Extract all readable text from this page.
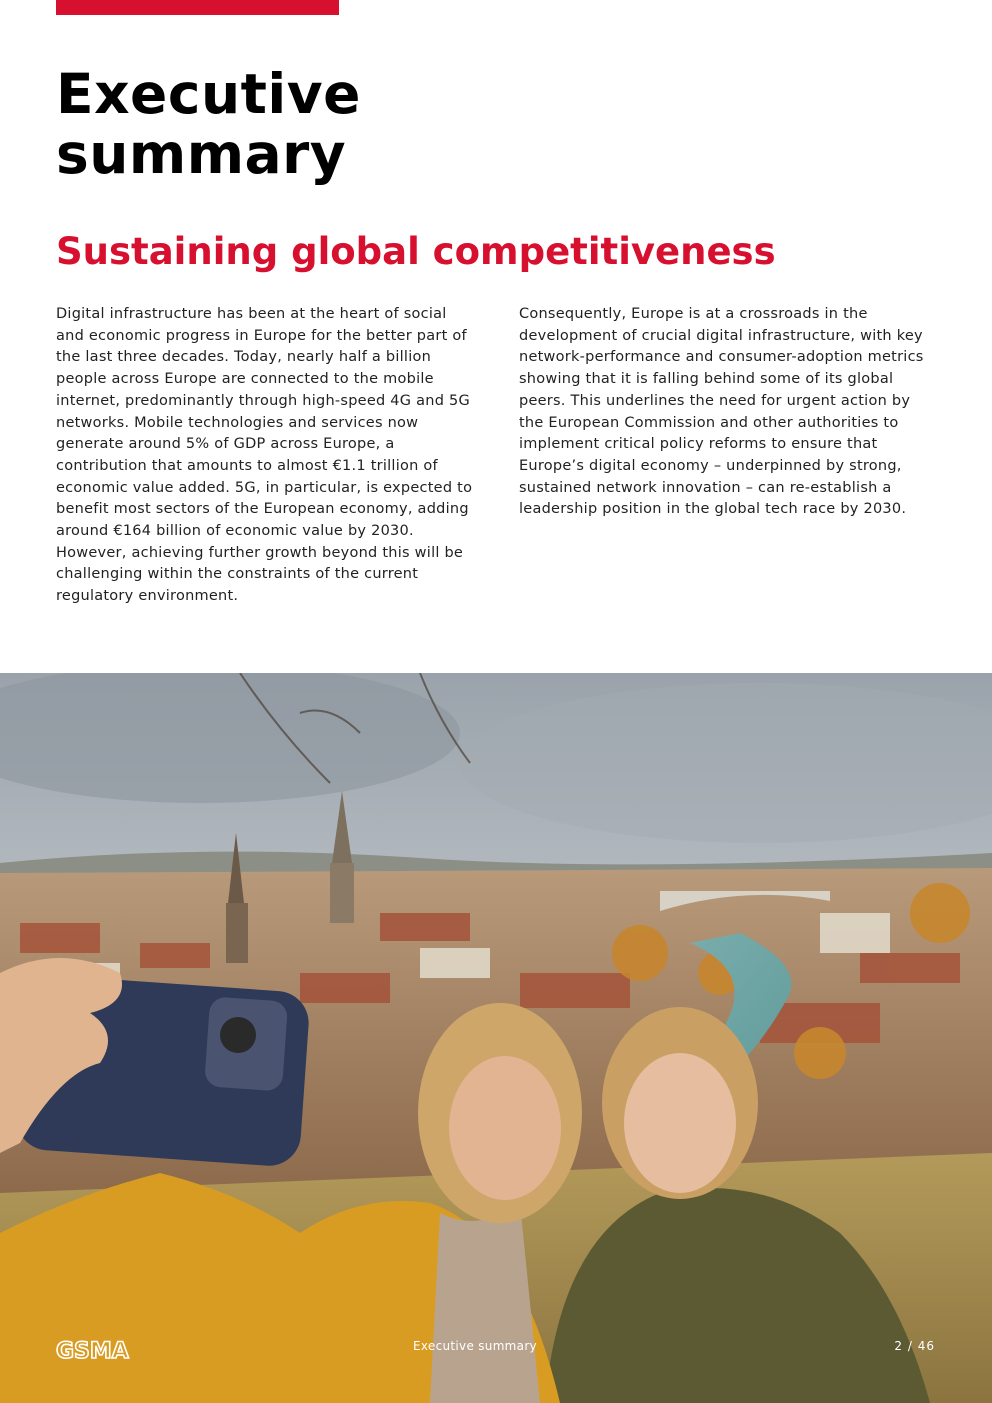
Executive summary
Sustaining global competitiveness

Digital infrastructure has been at the heart of social and economic progress in Europe for the better part of the last three decades. Today, nearly half a billion people across Europe are connected to the mobile internet, predominantly through high-speed 4G and 5G networks. Mobile technologies and services now generate around 5% of GDP across Europe, a contribution that amounts to almost €1.1 trillion of economic value added. 5G, in particular, is expected to benefit most sectors of the European economy, adding around €164 billion of economic value by 2030. However, achieving further growth beyond this will be challenging within the constraints of the current regulatory environment.

Consequently, Europe is at a crossroads in the development of crucial digital infrastructure, with key network-performance and consumer-adoption metrics showing that it is falling behind some of its global peers. This underlines the need for urgent action by the European Commission and other authorities to implement critical policy reforms to ensure that Europe’s digital economy – underpinned by strong, sustained network innovation – can re-establish a leadership position in the global tech race by 2030.

GSMA	Executive summary	2 / 46
